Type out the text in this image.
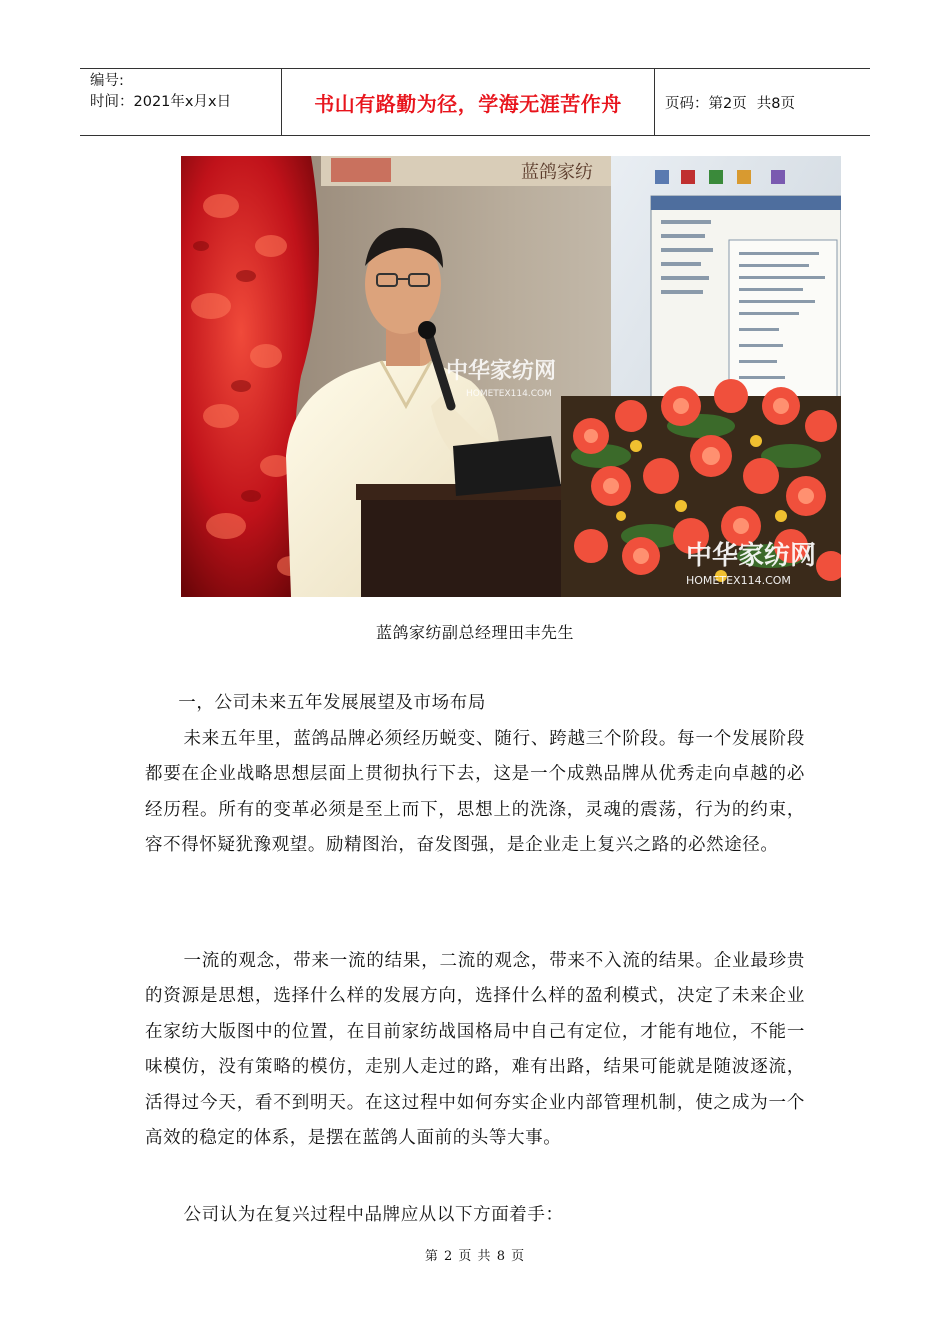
编号:
时间：2021年x月x日	书山有路勤为径，学海无涯苦作舟	页码：第2页 共8页
蓝鸽家纺
中华家纺网
HOMETEX114.COM
中华家纺网
HOMETEX114.COM
蓝鸽家纺副总经理田丰先生

一，公司未来五年发展展望及市场布局

未来五年里，蓝鸽品牌必须经历蜕变、随行、跨越三个阶段。每一个发展阶段都要在企业战略思想层面上贯彻执行下去，这是一个成熟品牌从优秀走向卓越的必经历程。所有的变革必须是至上而下，思想上的洗涤，灵魂的震荡，行为的约束，容不得怀疑犹豫观望。励精图治，奋发图强，是企业走上复兴之路的必然途径。

一流的观念，带来一流的结果，二流的观念，带来不入流的结果。企业最珍贵的资源是思想，选择什么样的发展方向，选择什么样的盈利模式，决定了未来企业在家纺大版图中的位置，在目前家纺战国格局中自己有定位，才能有地位，不能一味模仿，没有策略的模仿，走别人走过的路，难有出路，结果可能就是随波逐流，活得过今天，看不到明天。在这过程中如何夯实企业内部管理机制，使之成为一个高效的稳定的体系，是摆在蓝鸽人面前的头等大事。

公司认为在复兴过程中品牌应从以下方面着手：

第 2 页 共 8 页
